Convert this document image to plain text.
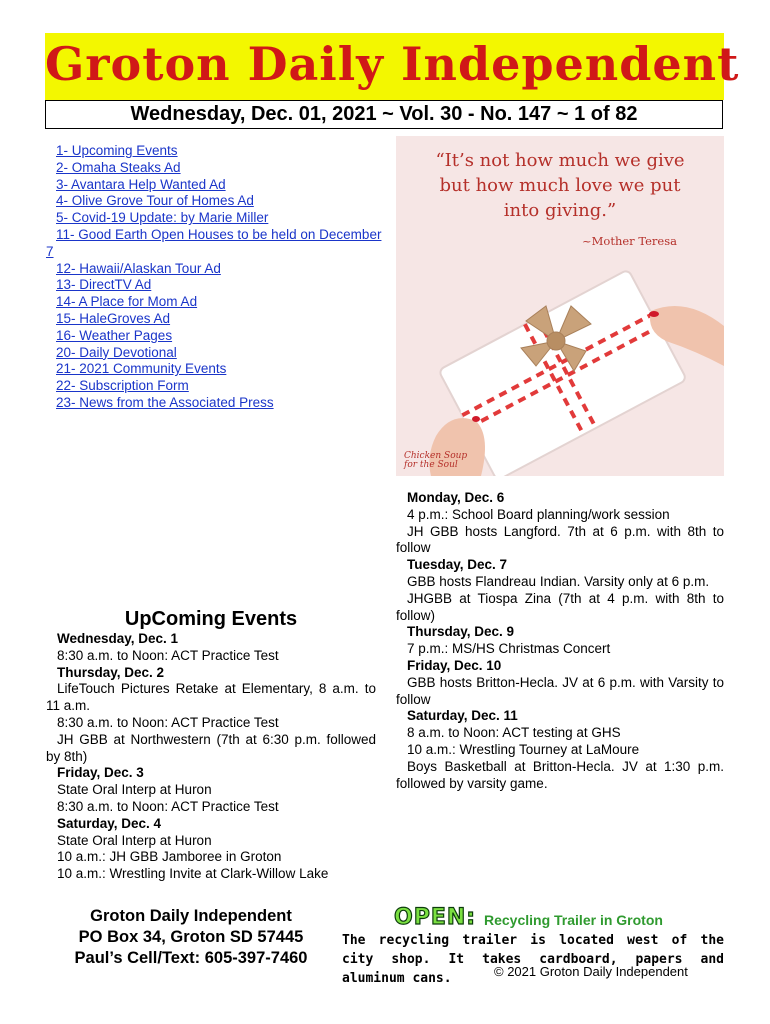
Groton Daily Independent
Wednesday, Dec. 01, 2021 ~ Vol. 30 - No. 147 ~ 1 of 82
1- Upcoming Events
2- Omaha Steaks Ad
3- Avantara Help Wanted Ad
4- Olive Grove Tour of Homes Ad
5- Covid-19 Update: by Marie Miller
11- Good Earth Open Houses to be held on December 7
12- Hawaii/Alaskan Tour Ad
13- DirectTV Ad
14- A Place for Mom Ad
15- HaleGroves Ad
16- Weather Pages
20- Daily Devotional
21- 2021 Community Events
22- Subscription Form
23- News from the Associated Press
“It’s not how much we give
but how much love we put
into giving.”
~Mother Teresa
Chicken Soup
for the Soul
UpComing Events

Wednesday, Dec. 1

8:30 a.m. to Noon: ACT Practice Test

Thursday, Dec. 2

LifeTouch Pictures Retake at Elementary, 8 a.m. to 11 a.m.

8:30 a.m. to Noon: ACT Practice Test

JH GBB at Northwestern (7th at 6:30 p.m. followed by 8th)

Friday, Dec. 3

State Oral Interp at Huron

8:30 a.m. to Noon: ACT Practice Test

Saturday, Dec. 4

State Oral Interp at Huron

10 a.m.: JH GBB Jamboree in Groton

10 a.m.: Wrestling Invite at Clark-Willow Lake

Monday, Dec. 6

4 p.m.: School Board planning/work session

JH GBB hosts Langford. 7th at 6 p.m. with 8th to follow

Tuesday, Dec. 7

GBB hosts Flandreau Indian. Varsity only at 6 p.m.

JHGBB at Tiospa Zina (7th at 4 p.m. with 8th to follow)

Thursday, Dec. 9

7 p.m.: MS/HS Christmas Concert

Friday, Dec. 10

GBB hosts Britton-Hecla. JV at 6 p.m. with Varsity to follow

Saturday, Dec. 11

8 a.m. to Noon: ACT testing at GHS

10 a.m.: Wrestling Tourney at LaMoure

Boys Basketball at Britton-Hecla. JV at 1:30 p.m. followed by varsity game.

Groton Daily Independent
PO Box 34, Groton SD 57445
Paul’s Cell/Text: 605-397-7460
OPEN: Recycling Trailer in Groton
The recycling trailer is located west of the city shop. It takes cardboard, papers and aluminum cans.	© 2021 Groton Daily Independent
